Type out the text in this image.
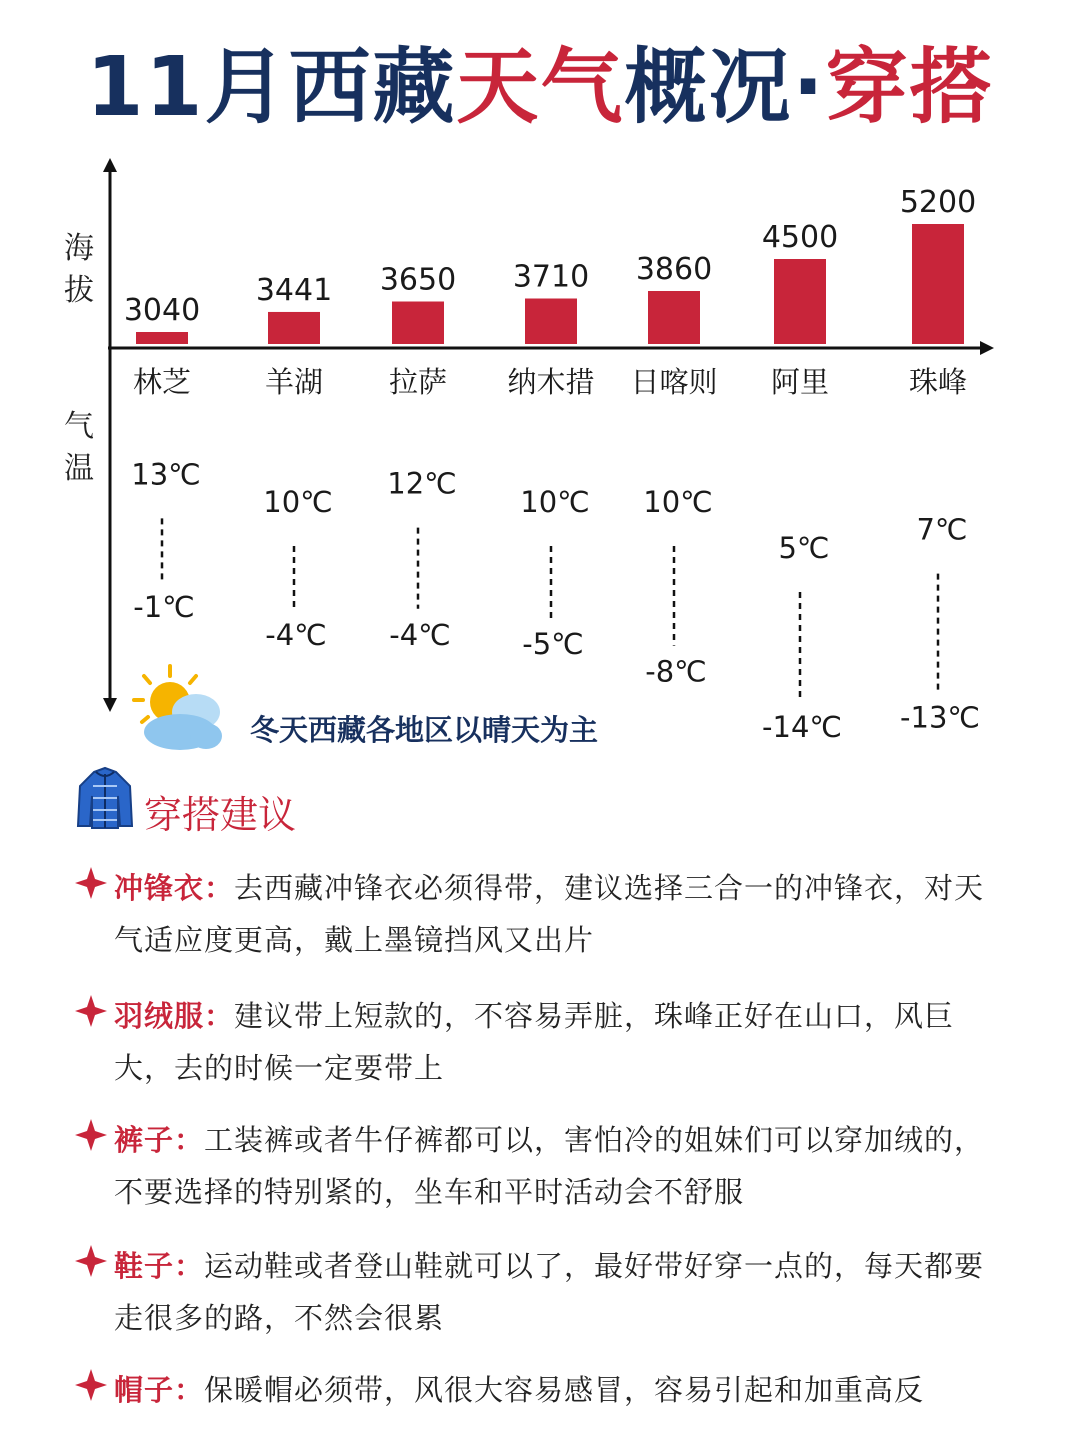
11月西藏天气概况·穿搭
3040
3441 3650 3710 3860
4500
5200
林芝	羊湖 拉萨 纳木措 日喀则 阿里	珠峰
13℃
-1℃
10℃
-4℃
12℃
-4℃
10℃
-5℃
10℃
-8℃
5℃
-14℃
7℃
-13℃
海拔
气温
冬天西藏各地区以晴天为主
穿搭建议
冲锋衣：去西藏冲锋衣必须得带，建议选择三合一的冲锋衣，对天气适应度更高，戴上墨镜挡风又出片
羽绒服：建议带上短款的，不容易弄脏，珠峰正好在山口，风巨大，去的时候一定要带上
裤子：工装裤或者牛仔裤都可以，害怕冷的姐妹们可以穿加绒的，不要选择的特别紧的，坐车和平时活动会不舒服
鞋子：运动鞋或者登山鞋就可以了，最好带好穿一点的，每天都要走很多的路，不然会很累
帽子：保暖帽必须带，风很大容易感冒，容易引起和加重高反
